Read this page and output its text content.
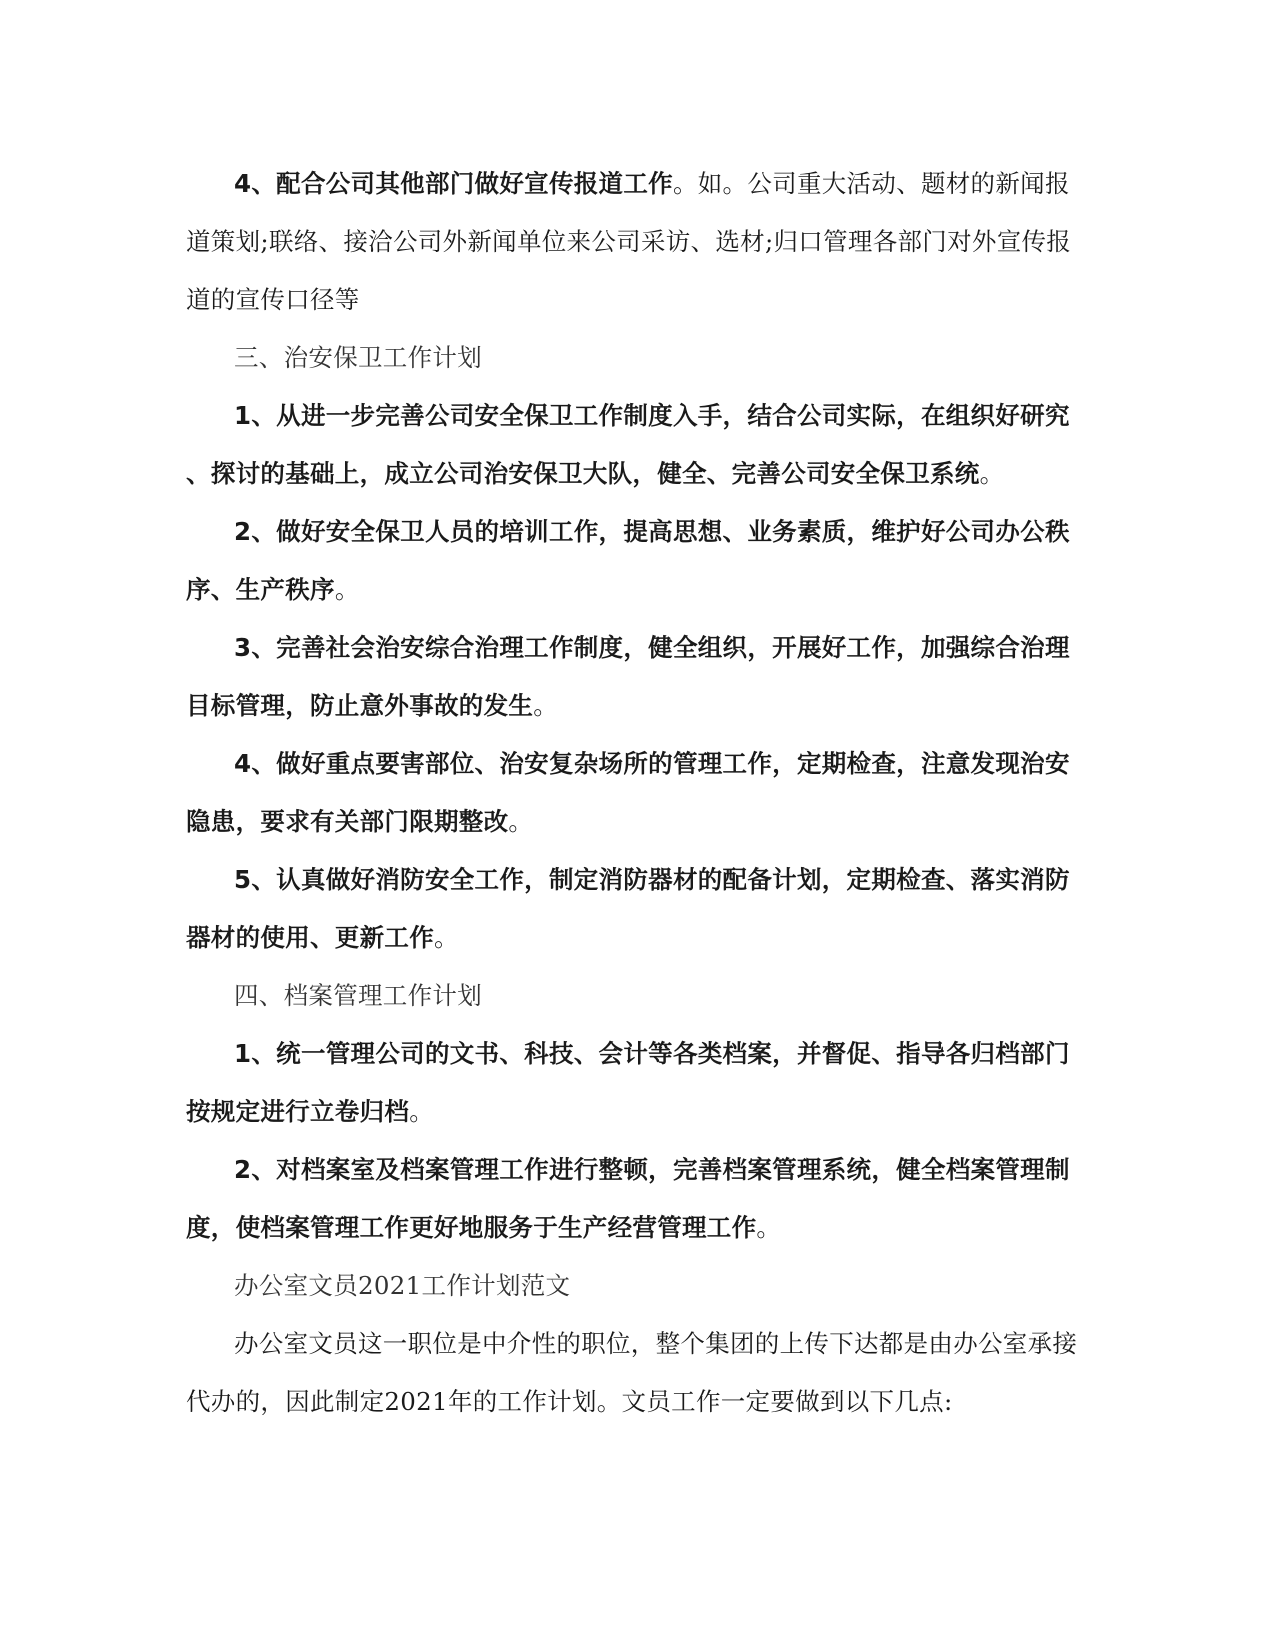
4、配合公司其他部门做好宣传报道工作。如。公司重大活动、题材的新闻报
道策划;联络、接洽公司外新闻单位来公司采访、选材;归口管理各部门对外宣传报
道的宣传口径等
三、治安保卫工作计划
1、从进一步完善公司安全保卫工作制度入手，结合公司实际，在组织好研究
、探讨的基础上，成立公司治安保卫大队，健全、完善公司安全保卫系统。
2、做好安全保卫人员的培训工作，提高思想、业务素质，维护好公司办公秩
序、生产秩序。
3、完善社会治安综合治理工作制度，健全组织，开展好工作，加强综合治理
目标管理，防止意外事故的发生。
4、做好重点要害部位、治安复杂场所的管理工作，定期检查，注意发现治安
隐患，要求有关部门限期整改。
5、认真做好消防安全工作，制定消防器材的配备计划，定期检查、落实消防
器材的使用、更新工作。
四、档案管理工作计划
1、统一管理公司的文书、科技、会计等各类档案，并督促、指导各归档部门
按规定进行立卷归档。
2、对档案室及档案管理工作进行整顿，完善档案管理系统，健全档案管理制
度，使档案管理工作更好地服务于生产经营管理工作。
办公室文员2021工作计划范文
办公室文员这一职位是中介性的职位，整个集团的上传下达都是由办公室承接
代办的，因此制定2021年的工作计划。文员工作一定要做到以下几点:
